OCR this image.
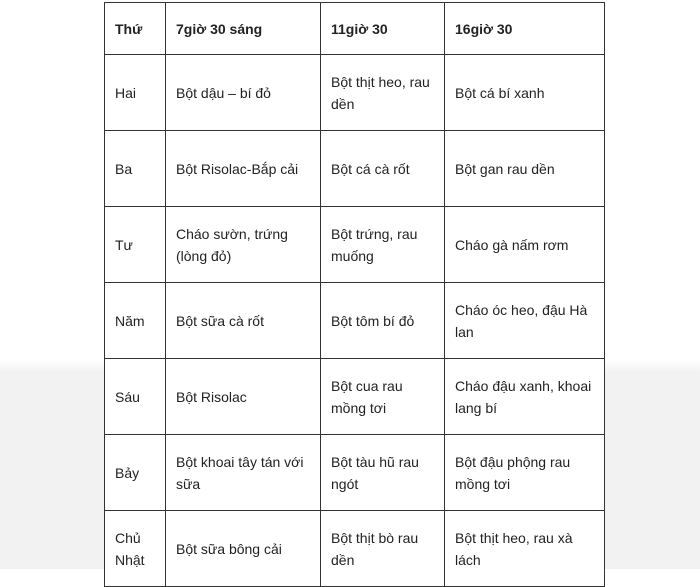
Thứ	7giờ 30 sáng	11giờ 30	16giờ 30
Hai	Bột dậu – bí đỏ	Bột thịt heo, rau dền	Bột cá bí xanh
Ba	Bột Risolac-Bắp cải	Bột cá cà rốt	Bột gan rau dền
Tư	Cháo sườn, trứng (lòng đỏ)	Bột trứng, rau muống	Cháo gà nấm rơm
Năm	Bột sữa cà rốt	Bột tôm bí đỏ	Cháo óc heo, đậu Hà lan
Sáu	Bột Risolac	Bột cua rau mồng tơi	Cháo đậu xanh, khoai lang bí
Bảy	Bột khoai tây tán với sữa	Bột tàu hũ rau ngót	Bột đậu phộng rau mồng tơi
Chủ Nhật	Bột sữa bông cải	Bột thịt bò rau dền	Bột thịt heo, rau xà lách
